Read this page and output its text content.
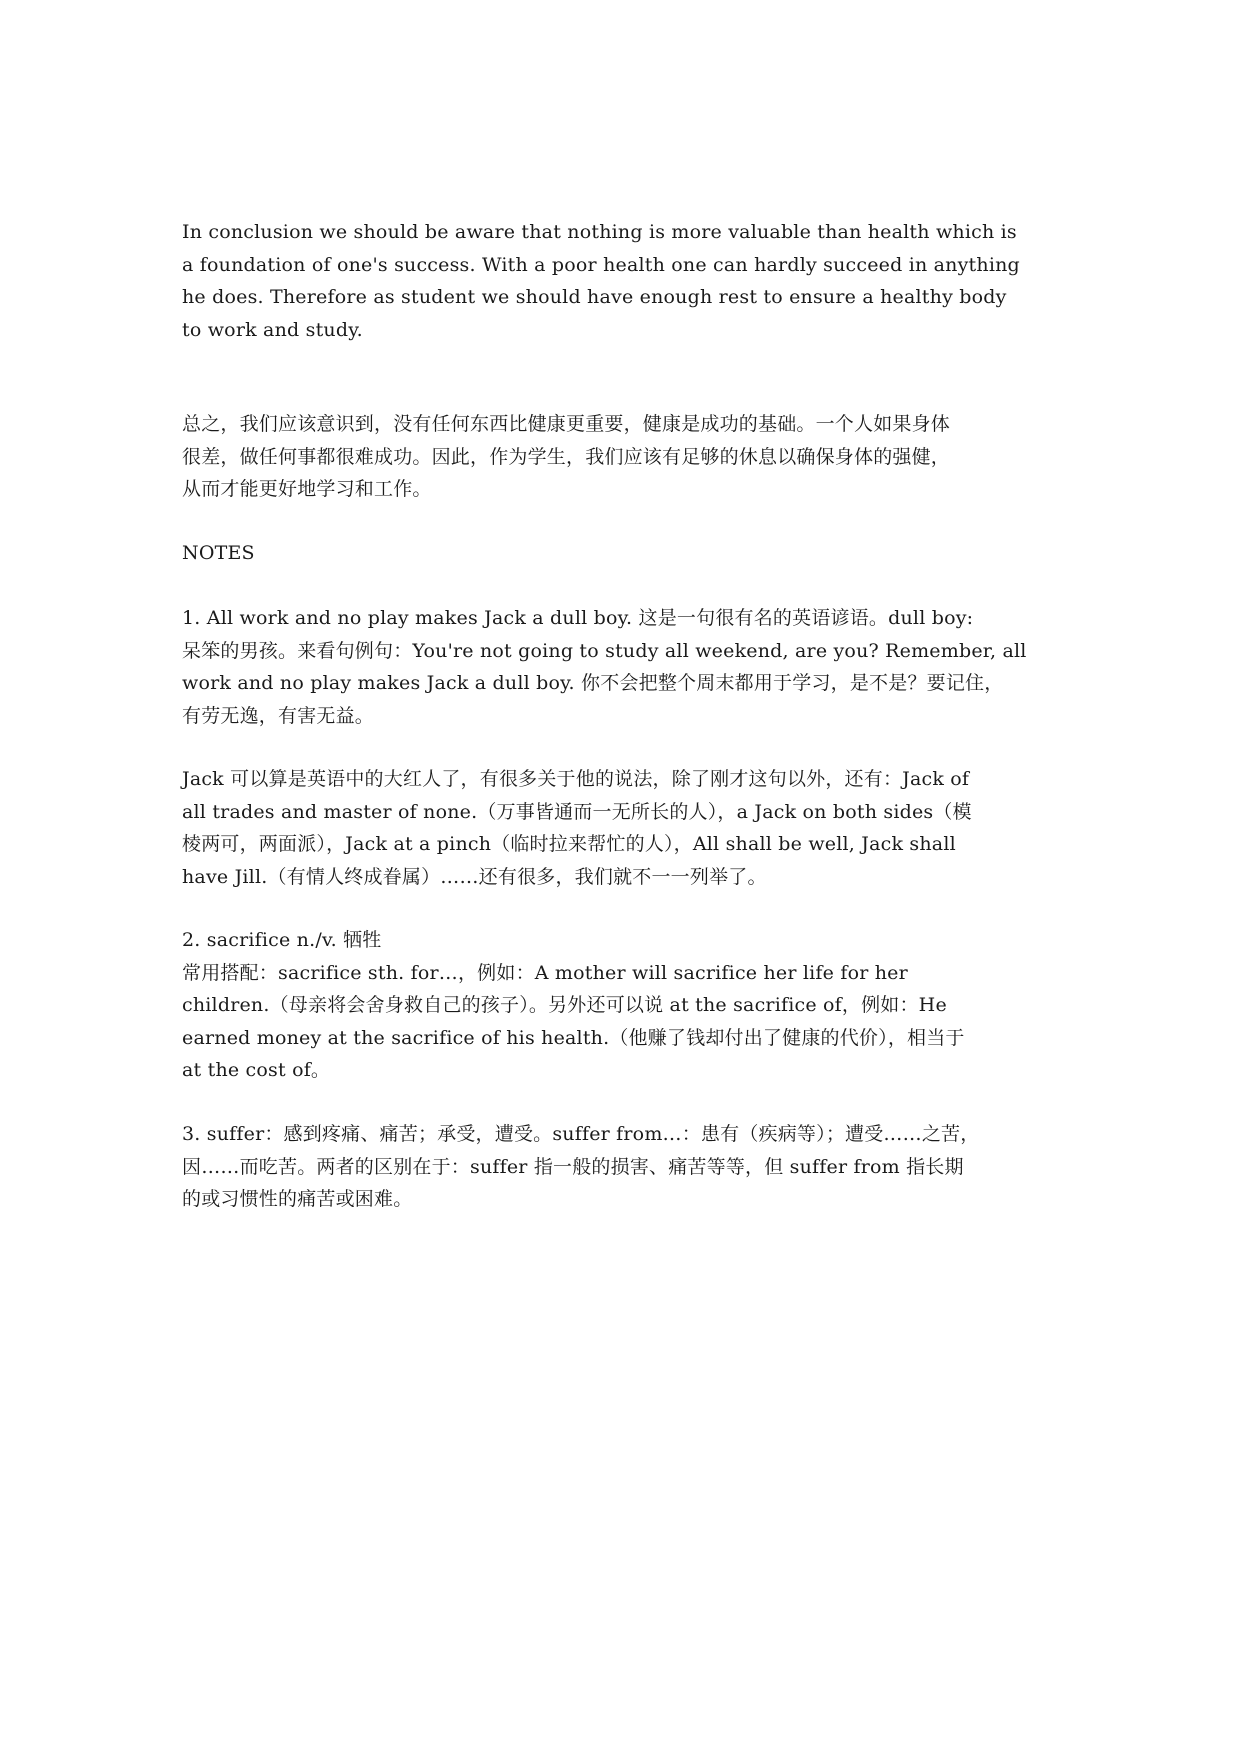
In conclusion we should be aware that nothing is more valuable than health which is
a foundation of one's success. With a poor health one can hardly succeed in anything
he does. Therefore as student we should have enough rest to ensure a healthy body
to work and study.
总之，我们应该意识到，没有任何东西比健康更重要，健康是成功的基础。一个人如果身体
很差，做任何事都很难成功。因此，作为学生，我们应该有足够的休息以确保身体的强健，
从而才能更好地学习和工作。
NOTES
1. All work and no play makes Jack a dull boy. 这是一句很有名的英语谚语。dull boy:
呆笨的男孩。来看句例句：You're not going to study all weekend, are you? Remember, all
work and no play makes Jack a dull boy. 你不会把整个周末都用于学习，是不是？要记住，
有劳无逸，有害无益。
Jack 可以算是英语中的大红人了，有很多关于他的说法，除了刚才这句以外，还有：Jack of
all trades and master of none.（万事皆通而一无所长的人），a Jack on both sides（模
棱两可，两面派），Jack at a pinch（临时拉来帮忙的人），All shall be well, Jack shall
have Jill.（有情人终成眷属）……还有很多，我们就不一一列举了。
2. sacrifice n./v. 牺牲
常用搭配：sacrifice sth. for…，例如：A mother will sacrifice her life for her
children.（母亲将会舍身救自己的孩子）。另外还可以说 at the sacrifice of，例如：He
earned money at the sacrifice of his health.（他赚了钱却付出了健康的代价），相当于
at the cost of。
3. suffer：感到疼痛、痛苦；承受，遭受。suffer from…：患有（疾病等）；遭受……之苦，
因……而吃苦。两者的区别在于：suffer 指一般的损害、痛苦等等，但 suffer from 指长期
的或习惯性的痛苦或困难。
